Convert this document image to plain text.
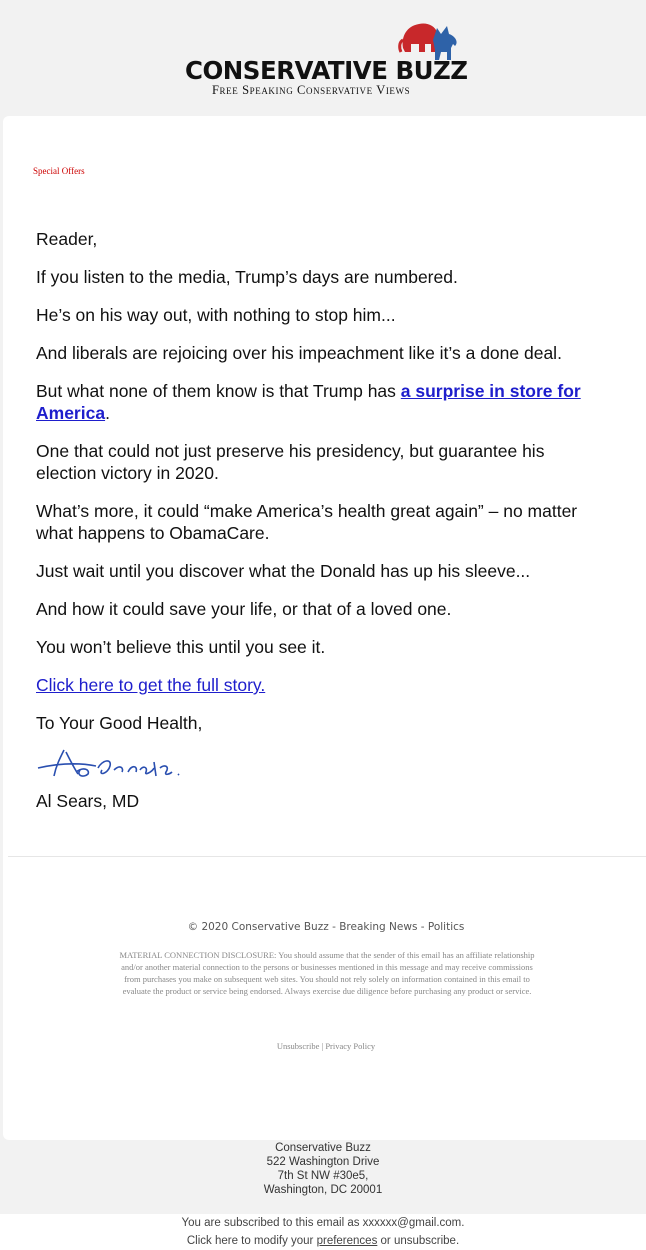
CONSERVATIVE BUZZ
Free Speaking Conservative Views
Special Offers

Reader,

If you listen to the media, Trump’s days are numbered.

He’s on his way out, with nothing to stop him...

And liberals are rejoicing over his impeachment like it’s a done deal.

But what none of them know is that Trump has a surprise in store for America.

One that could not just preserve his presidency, but guarantee his election victory in 2020.

What’s more, it could “make America’s health great again” – no matter what happens to ObamaCare.

Just wait until you discover what the Donald has up his sleeve...

And how it could save your life, or that of a loved one.

You won’t believe this until you see it.

Click here to get the full story.

To Your Good Health,

Al Sears, MD

© 2020 Conservative Buzz - Breaking News - Politics
MATERIAL CONNECTION DISCLOSURE: You should assume that the sender of this email has an affiliate relationship and/or another material connection to the persons or businesses mentioned in this message and may receive commissions from purchases you make on subsequent web sites. You should not rely solely on information contained in this email to evaluate the product or service being endorsed. Always exercise due diligence before purchasing any product or service.
Unsubscribe | Privacy Policy
Conservative Buzz
522 Washington Drive
7th St NW #30e5,
Washington, DC 20001
You are subscribed to this email as xxxxxx@gmail.com.
Click here to modify your preferences or unsubscribe.
